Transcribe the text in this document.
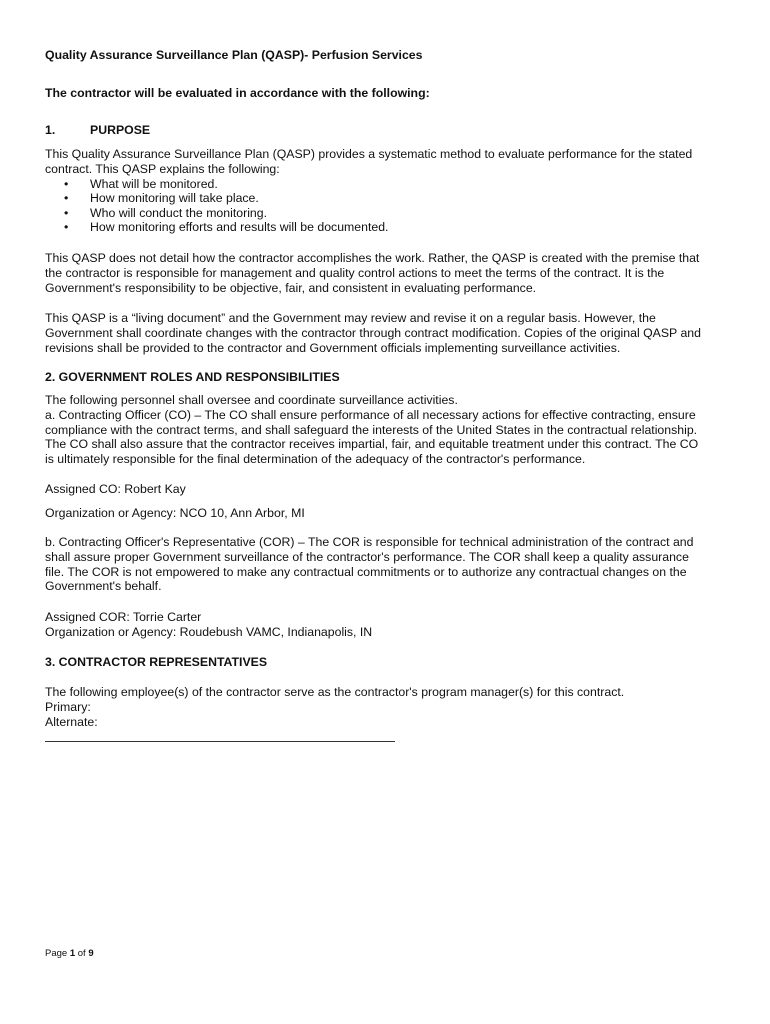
Quality Assurance Surveillance Plan (QASP)- Perfusion Services
The contractor will be evaluated in accordance with the following:
1.	PURPOSE
This Quality Assurance Surveillance Plan (QASP) provides a systematic method to evaluate performance for the stated
contract. This QASP explains the following:
• What will be monitored.
• How monitoring will take place.
• Who will conduct the monitoring.
• How monitoring efforts and results will be documented.
This QASP does not detail how the contractor accomplishes the work. Rather, the QASP is created with the premise that
the contractor is responsible for management and quality control actions to meet the terms of the contract. It is the
Government's responsibility to be objective, fair, and consistent in evaluating performance.
This QASP is a “living document” and the Government may review and revise it on a regular basis. However, the
Government shall coordinate changes with the contractor through contract modification. Copies of the original QASP and
revisions shall be provided to the contractor and Government officials implementing surveillance activities.
2. GOVERNMENT ROLES AND RESPONSIBILITIES
The following personnel shall oversee and coordinate surveillance activities.
a. Contracting Officer (CO) – The CO shall ensure performance of all necessary actions for effective contracting, ensure
compliance with the contract terms, and shall safeguard the interests of the United States in the contractual relationship.
The CO shall also assure that the contractor receives impartial, fair, and equitable treatment under this contract. The CO
is ultimately responsible for the final determination of the adequacy of the contractor's performance.
Assigned CO: Robert Kay
Organization or Agency: NCO 10, Ann Arbor, MI
b. Contracting Officer's Representative (COR) – The COR is responsible for technical administration of the contract and
shall assure proper Government surveillance of the contractor's performance. The COR shall keep a quality assurance
file. The COR is not empowered to make any contractual commitments or to authorize any contractual changes on the
Government's behalf.
Assigned COR: Torrie Carter
Organization or Agency: Roudebush VAMC, Indianapolis, IN
3. CONTRACTOR REPRESENTATIVES
The following employee(s) of the contractor serve as the contractor's program manager(s) for this contract.
Primary:
Alternate:
Page 1 of 9
